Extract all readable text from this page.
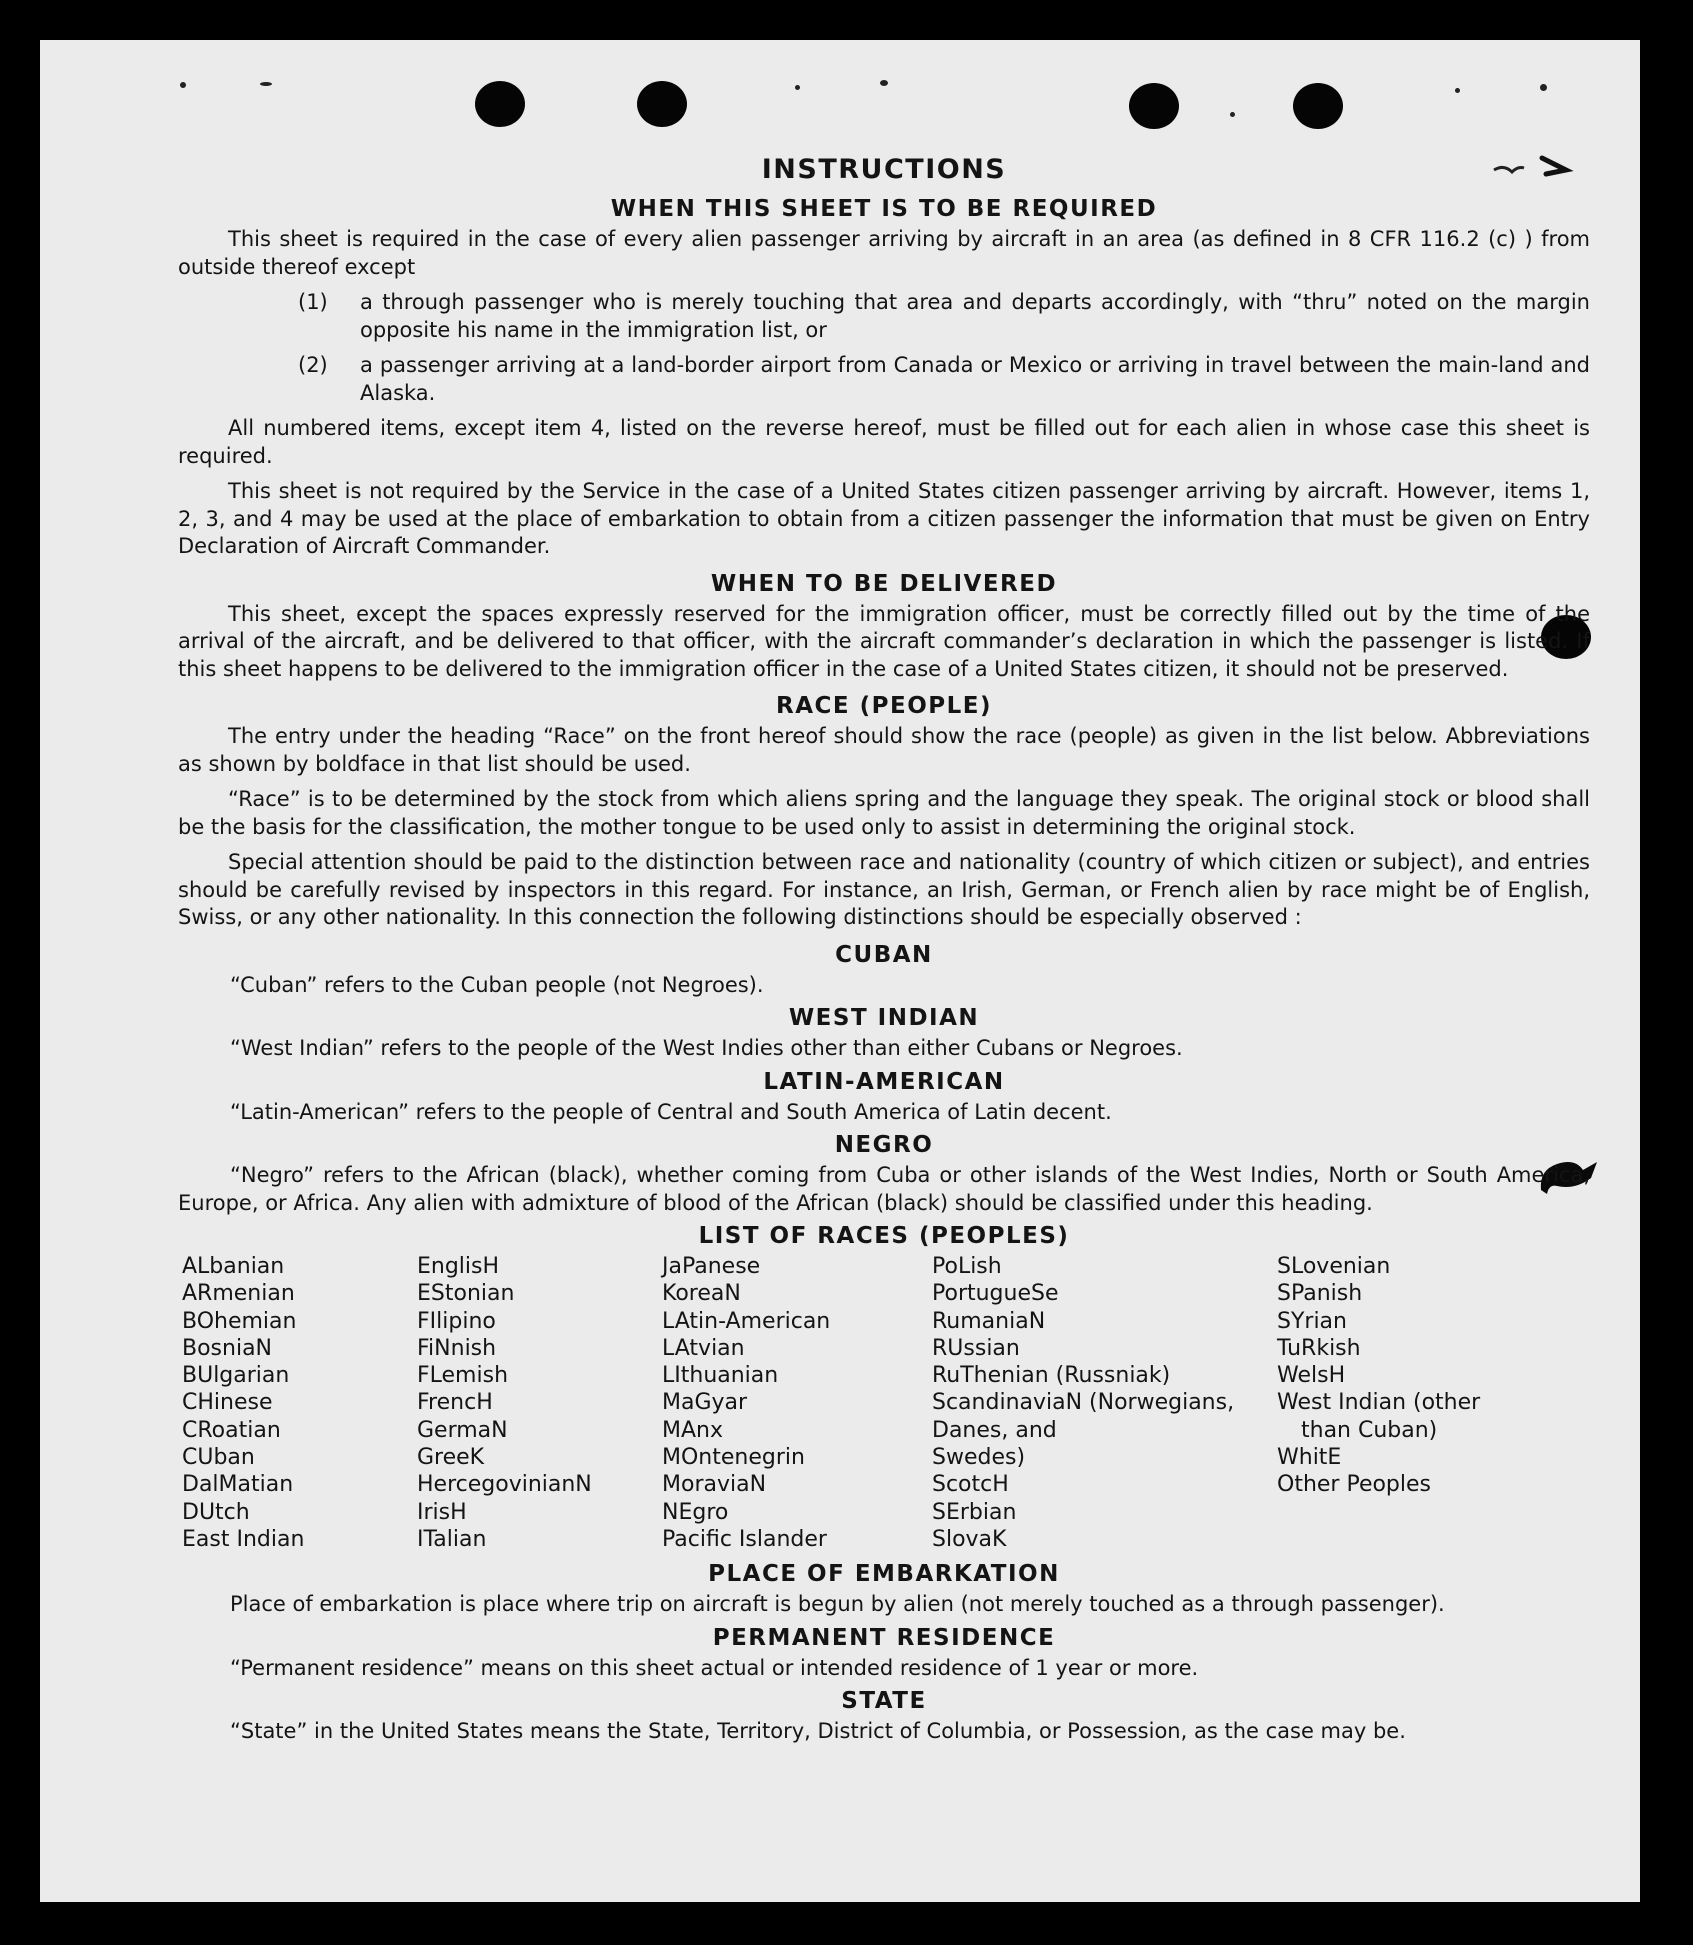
INSTRUCTIONS
WHEN THIS SHEET IS TO BE REQUIRED

This sheet is required in the case of every alien passenger arriving by aircraft in an area (as defined in 8 CFR 116.2 (c) ) from outside thereof except

(1)	a through passenger who is merely touching that area and departs accordingly, with “thru” noted on the margin opposite his name in the immigration list, or
(2)	a passenger arriving at a land-border airport from Canada or Mexico or arriving in travel between the main-land and Alaska.

All numbered items, except item 4, listed on the reverse hereof, must be filled out for each alien in whose case this sheet is required.

This sheet is not required by the Service in the case of a United States citizen passenger arriving by aircraft. However, items 1, 2, 3, and 4 may be used at the place of embarkation to obtain from a citizen passenger the information that must be given on Entry Declaration of Aircraft Commander.

WHEN TO BE DELIVERED

This sheet, except the spaces expressly reserved for the immigration officer, must be correctly filled out by the time of the arrival of the aircraft, and be delivered to that officer, with the aircraft commander’s declaration in which the passenger is listed. If this sheet happens to be delivered to the immigration officer in the case of a United States citizen, it should not be preserved.

RACE (PEOPLE)

The entry under the heading “Race” on the front hereof should show the race (people) as given in the list below. Abbreviations as shown by boldface in that list should be used.

“Race” is to be determined by the stock from which aliens spring and the language they speak. The original stock or blood shall be the basis for the classification, the mother tongue to be used only to assist in determining the original stock.

Special attention should be paid to the distinction between race and nationality (country of which citizen or subject), and entries should be carefully revised by inspectors in this regard. For instance, an Irish, German, or French alien by race might be of English, Swiss, or any other nationality. In this connection the following distinctions should be especially observed :

CUBAN

“Cuban” refers to the Cuban people (not Negroes).

WEST INDIAN

“West Indian” refers to the people of the West Indies other than either Cubans or Negroes.

LATIN-AMERICAN

“Latin-American” refers to the people of Central and South America of Latin decent.

NEGRO

“Negro” refers to the African (black), whether coming from Cuba or other islands of the West Indies, North or South America, Europe, or Africa. Any alien with admixture of blood of the African (black) should be classified under this heading.

LIST OF RACES (PEOPLES)
ALbanian
ARmenian
BOhemian
BosniaN
BUlgarian
CHinese
CRoatian
CUban
DalMatian
DUtch
East Indian
EnglisH
EStonian
FIlipino
FiNnish
FLemish
FrencH
GermaN
GreeK
HercegovinianN
IrisH
ITalian
JaPanese
KoreaN
LAtin-American
LAtvian
LIthuanian
MaGyar
MAnx
MOntenegrin
MoraviaN
NEgro
Pacific Islander
PoLish
PortugueSe
RumaniaN
RUssian
RuThenian (Russniak)
ScandinaviaN (Norwegians,
Danes, and
Swedes)
ScotcH
SErbian
SlovaK
SLovenian
SPanish
SYrian
TuRkish
WelsH
West Indian (other
than Cuban)
WhitE
Other Peoples
PLACE OF EMBARKATION

Place of embarkation is place where trip on aircraft is begun by alien (not merely touched as a through passenger).

PERMANENT RESIDENCE

“Permanent residence” means on this sheet actual or intended residence of 1 year or more.

STATE

“State” in the United States means the State, Territory, District of Columbia, or Possession, as the case may be.
